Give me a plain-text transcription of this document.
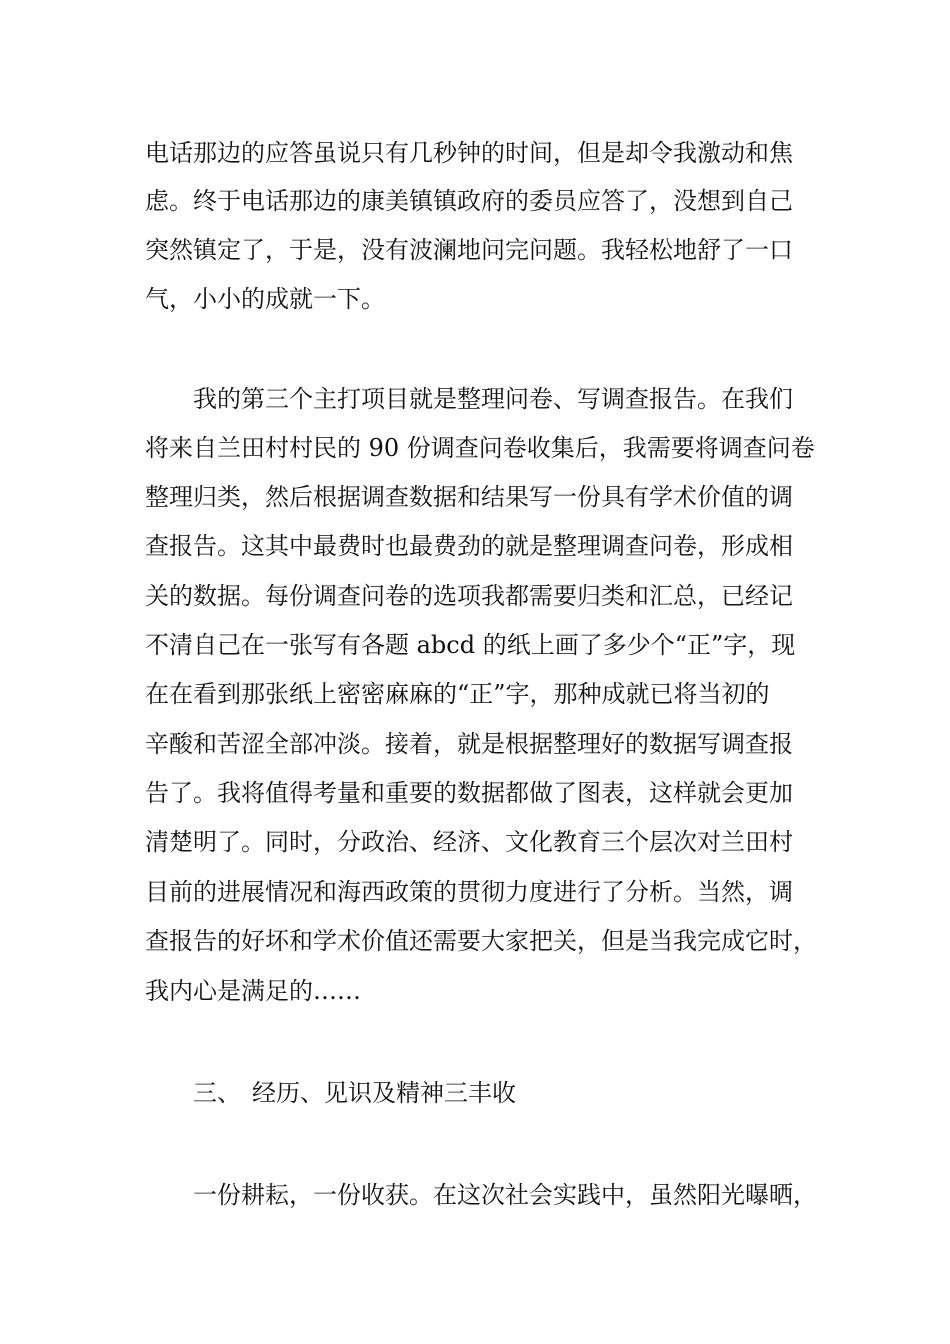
电话那边的应答虽说只有几秒钟的时间，但是却令我激动和焦
虑。终于电话那边的康美镇镇政府的委员应答了，没想到自己
突然镇定了，于是，没有波澜地问完问题。我轻松地舒了一口
气，小小的成就一下。
我的第三个主打项目就是整理问卷、写调查报告。在我们
将来自兰田村村民的 90 份调查问卷收集后，我需要将调查问卷
整理归类，然后根据调查数据和结果写一份具有学术价值的调
查报告。这其中最费时也最费劲的就是整理调查问卷，形成相
关的数据。每份调查问卷的选项我都需要归类和汇总，已经记
不清自己在一张写有各题 abcd 的纸上画了多少个“正”字，现
在在看到那张纸上密密麻麻的“正”字，那种成就已将当初的
辛酸和苦涩全部冲淡。接着，就是根据整理好的数据写调查报
告了。我将值得考量和重要的数据都做了图表，这样就会更加
清楚明了。同时，分政治、经济、文化教育三个层次对兰田村
目前的进展情况和海西政策的贯彻力度进行了分析。当然，调
查报告的好坏和学术价值还需要大家把关，但是当我完成它时，
我内心是满足的……
三、 经历、见识及精神三丰收
一份耕耘，一份收获。在这次社会实践中，虽然阳光曝晒，
